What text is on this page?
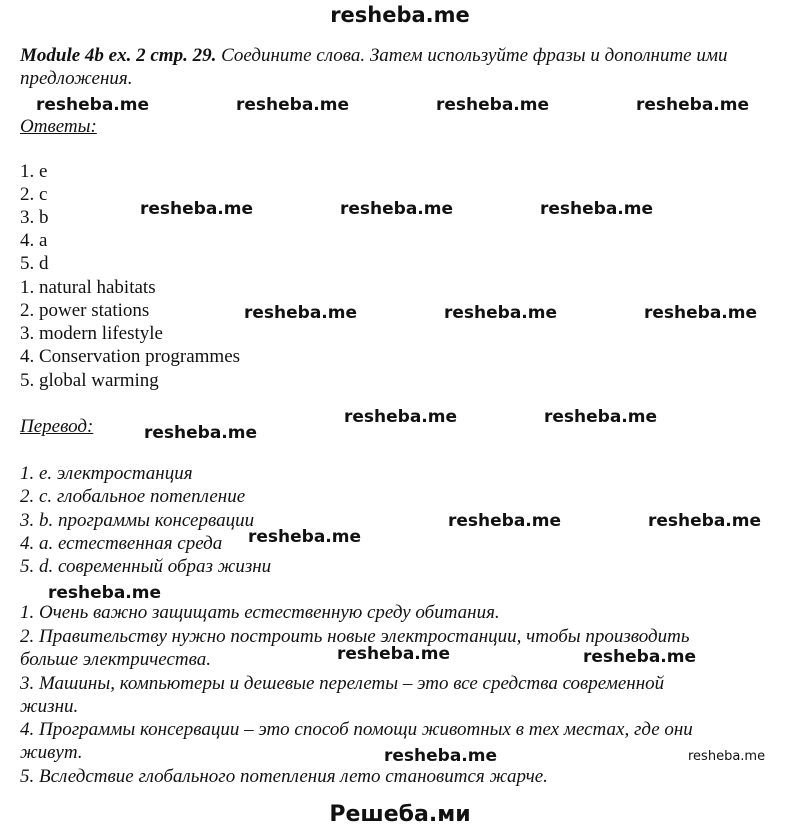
resheba.me
Module 4b ex. 2 стр. 29. Соедините слова. Затем используйте фразы и дополните ими предложения.
Ответы:
1. e
2. c
3. b
4. a
5. d
1. natural habitats
2. power stations
3. modern lifestyle
4. Conservation programmes
5. global warming
Перевод:
1. e. электростанция
2. c. глобальное потепление
3. b. программы консервации
4. a. естественная среда
5. d. современный образ жизни
1. Очень важно защищать естественную среду обитания.
2. Правительству нужно построить новые электростанции, чтобы производить
больше электричества.
3. Машины, компьютеры и дешевые перелеты – это все средства современной
жизни.
4. Программы консервации – это способ помощи животных в тех местах, где они
живут.
5. Вследствие глобального потепления лето становится жарче.
resheba.me	resheba.me	resheba.me	resheba.me
resheba.me	resheba.me	resheba.me
resheba.me	resheba.me	resheba.me
resheba.me	resheba.me
resheba.me
resheba.me	resheba.me
resheba.me
resheba.me
resheba.me	resheba.me
resheba.me	resheba.me
Решеба.ми
